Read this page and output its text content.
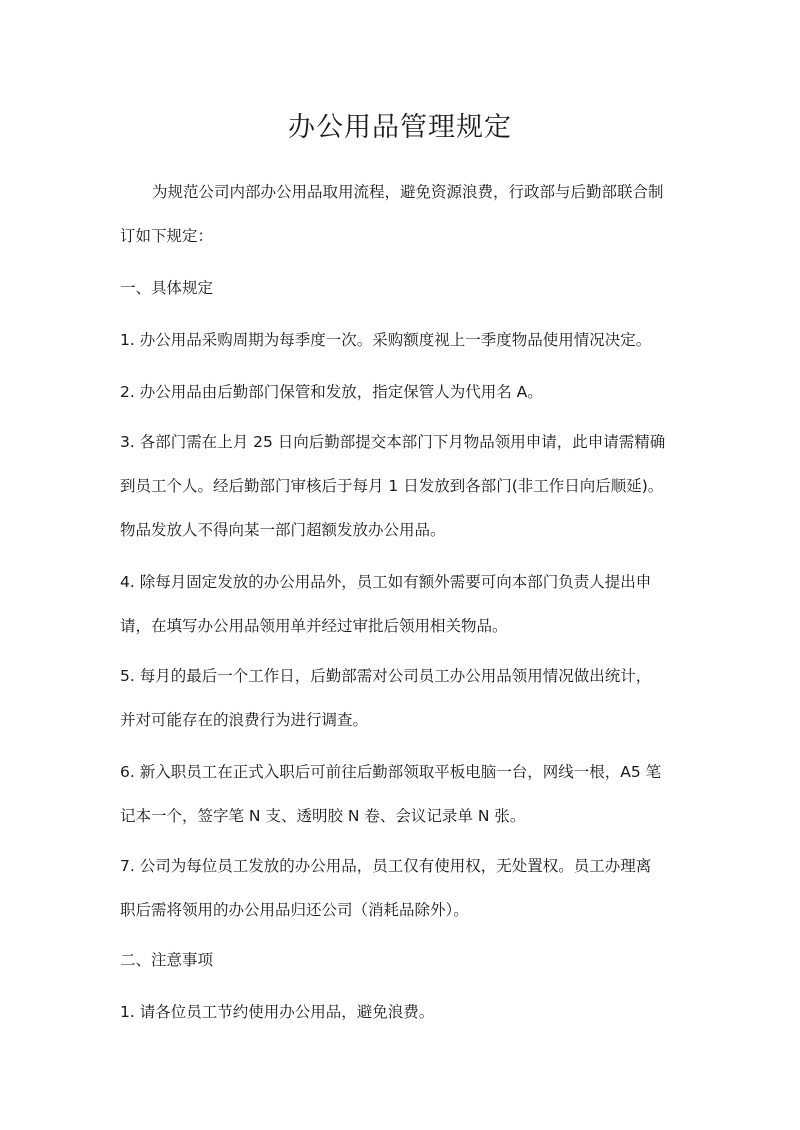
办公用品管理规定
为规范公司内部办公用品取用流程，避免资源浪费，行政部与后勤部联合制
订如下规定：
一、具体规定
1. 办公用品采购周期为每季度一次。采购额度视上一季度物品使用情况决定。
2. 办公用品由后勤部门保管和发放，指定保管人为代用名 A。
3. 各部门需在上月 25 日向后勤部提交本部门下月物品领用申请，此申请需精确
到员工个人。经后勤部门审核后于每月 1 日发放到各部门(非工作日向后顺延)。
物品发放人不得向某一部门超额发放办公用品。
4. 除每月固定发放的办公用品外，员工如有额外需要可向本部门负责人提出申
请，在填写办公用品领用单并经过审批后领用相关物品。
5. 每月的最后一个工作日，后勤部需对公司员工办公用品领用情况做出统计，
并对可能存在的浪费行为进行调查。
6. 新入职员工在正式入职后可前往后勤部领取平板电脑一台，网线一根，A5 笔
记本一个，签字笔 N 支、透明胶 N 卷、会议记录单 N 张。
7. 公司为每位员工发放的办公用品，员工仅有使用权，无处置权。员工办理离
职后需将领用的办公用品归还公司（消耗品除外）。
二、注意事项
1. 请各位员工节约使用办公用品，避免浪费。
